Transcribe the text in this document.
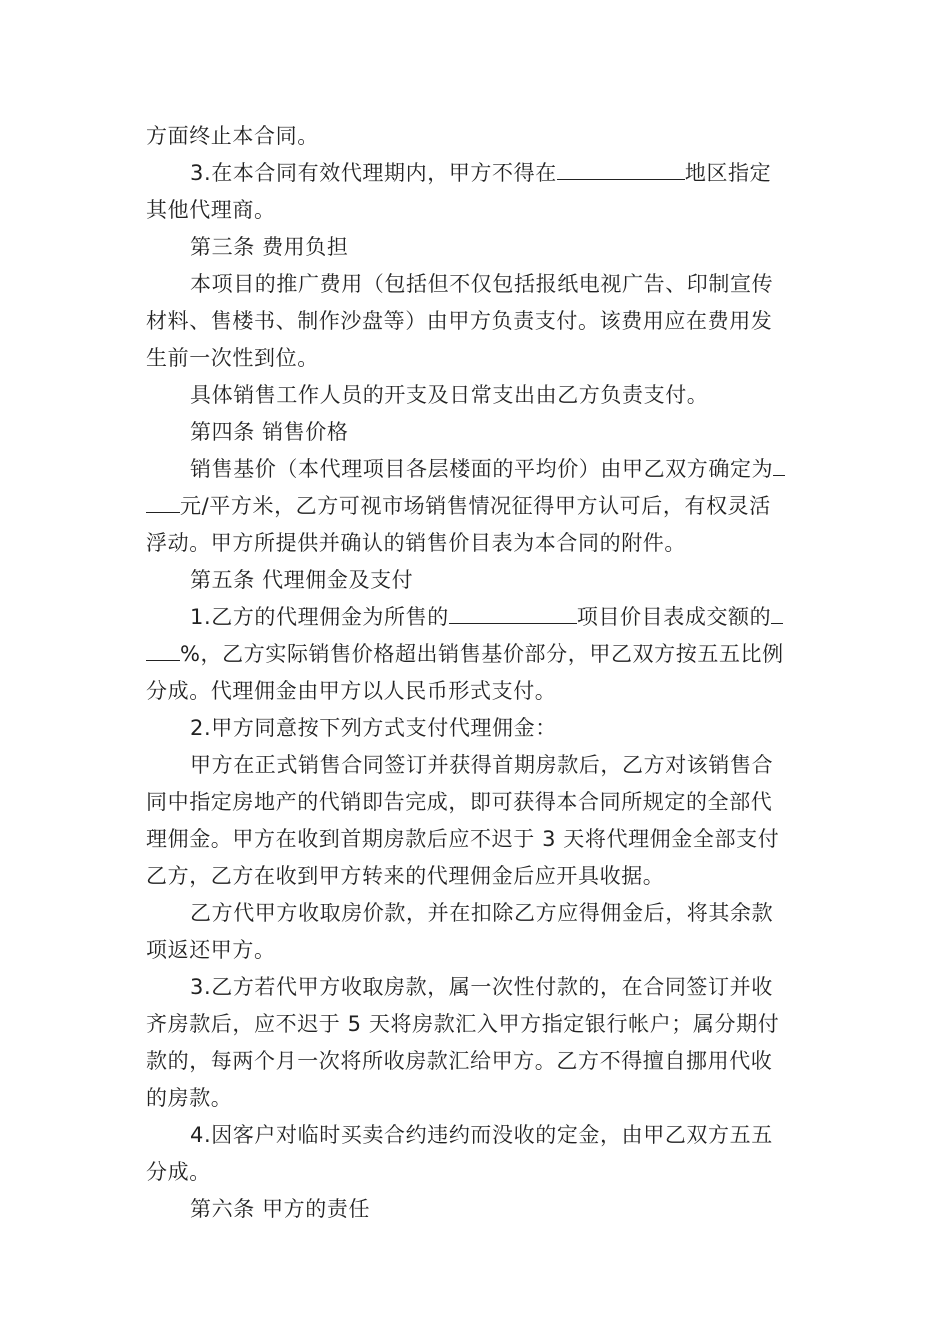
方面终止本合同。
3.在本合同有效代理期内，甲方不得在	地区指定
其他代理商。
第三条 费用负担
本项目的推广费用（包括但不仅包括报纸电视广告、印制宣传
材料、售楼书、制作沙盘等）由甲方负责支付。该费用应在费用发
生前一次性到位。
具体销售工作人员的开支及日常支出由乙方负责支付。
第四条 销售价格
销售基价（本代理项目各层楼面的平均价）由甲乙双方确定为
元/平方米，乙方可视市场销售情况征得甲方认可后，有权灵活
浮动。甲方所提供并确认的销售价目表为本合同的附件。
第五条 代理佣金及支付
1.乙方的代理佣金为所售的	项目价目表成交额的
%，乙方实际销售价格超出销售基价部分，甲乙双方按五五比例
分成。代理佣金由甲方以人民币形式支付。
2.甲方同意按下列方式支付代理佣金：
甲方在正式销售合同签订并获得首期房款后，乙方对该销售合
同中指定房地产的代销即告完成，即可获得本合同所规定的全部代
理佣金。甲方在收到首期房款后应不迟于 3 天将代理佣金全部支付
乙方，乙方在收到甲方转来的代理佣金后应开具收据。
乙方代甲方收取房价款，并在扣除乙方应得佣金后，将其余款
项返还甲方。
3.乙方若代甲方收取房款，属一次性付款的，在合同签订并收
齐房款后，应不迟于 5 天将房款汇入甲方指定银行帐户；属分期付
款的，每两个月一次将所收房款汇给甲方。乙方不得擅自挪用代收
的房款。
4.因客户对临时买卖合约违约而没收的定金，由甲乙双方五五
分成。
第六条 甲方的责任
